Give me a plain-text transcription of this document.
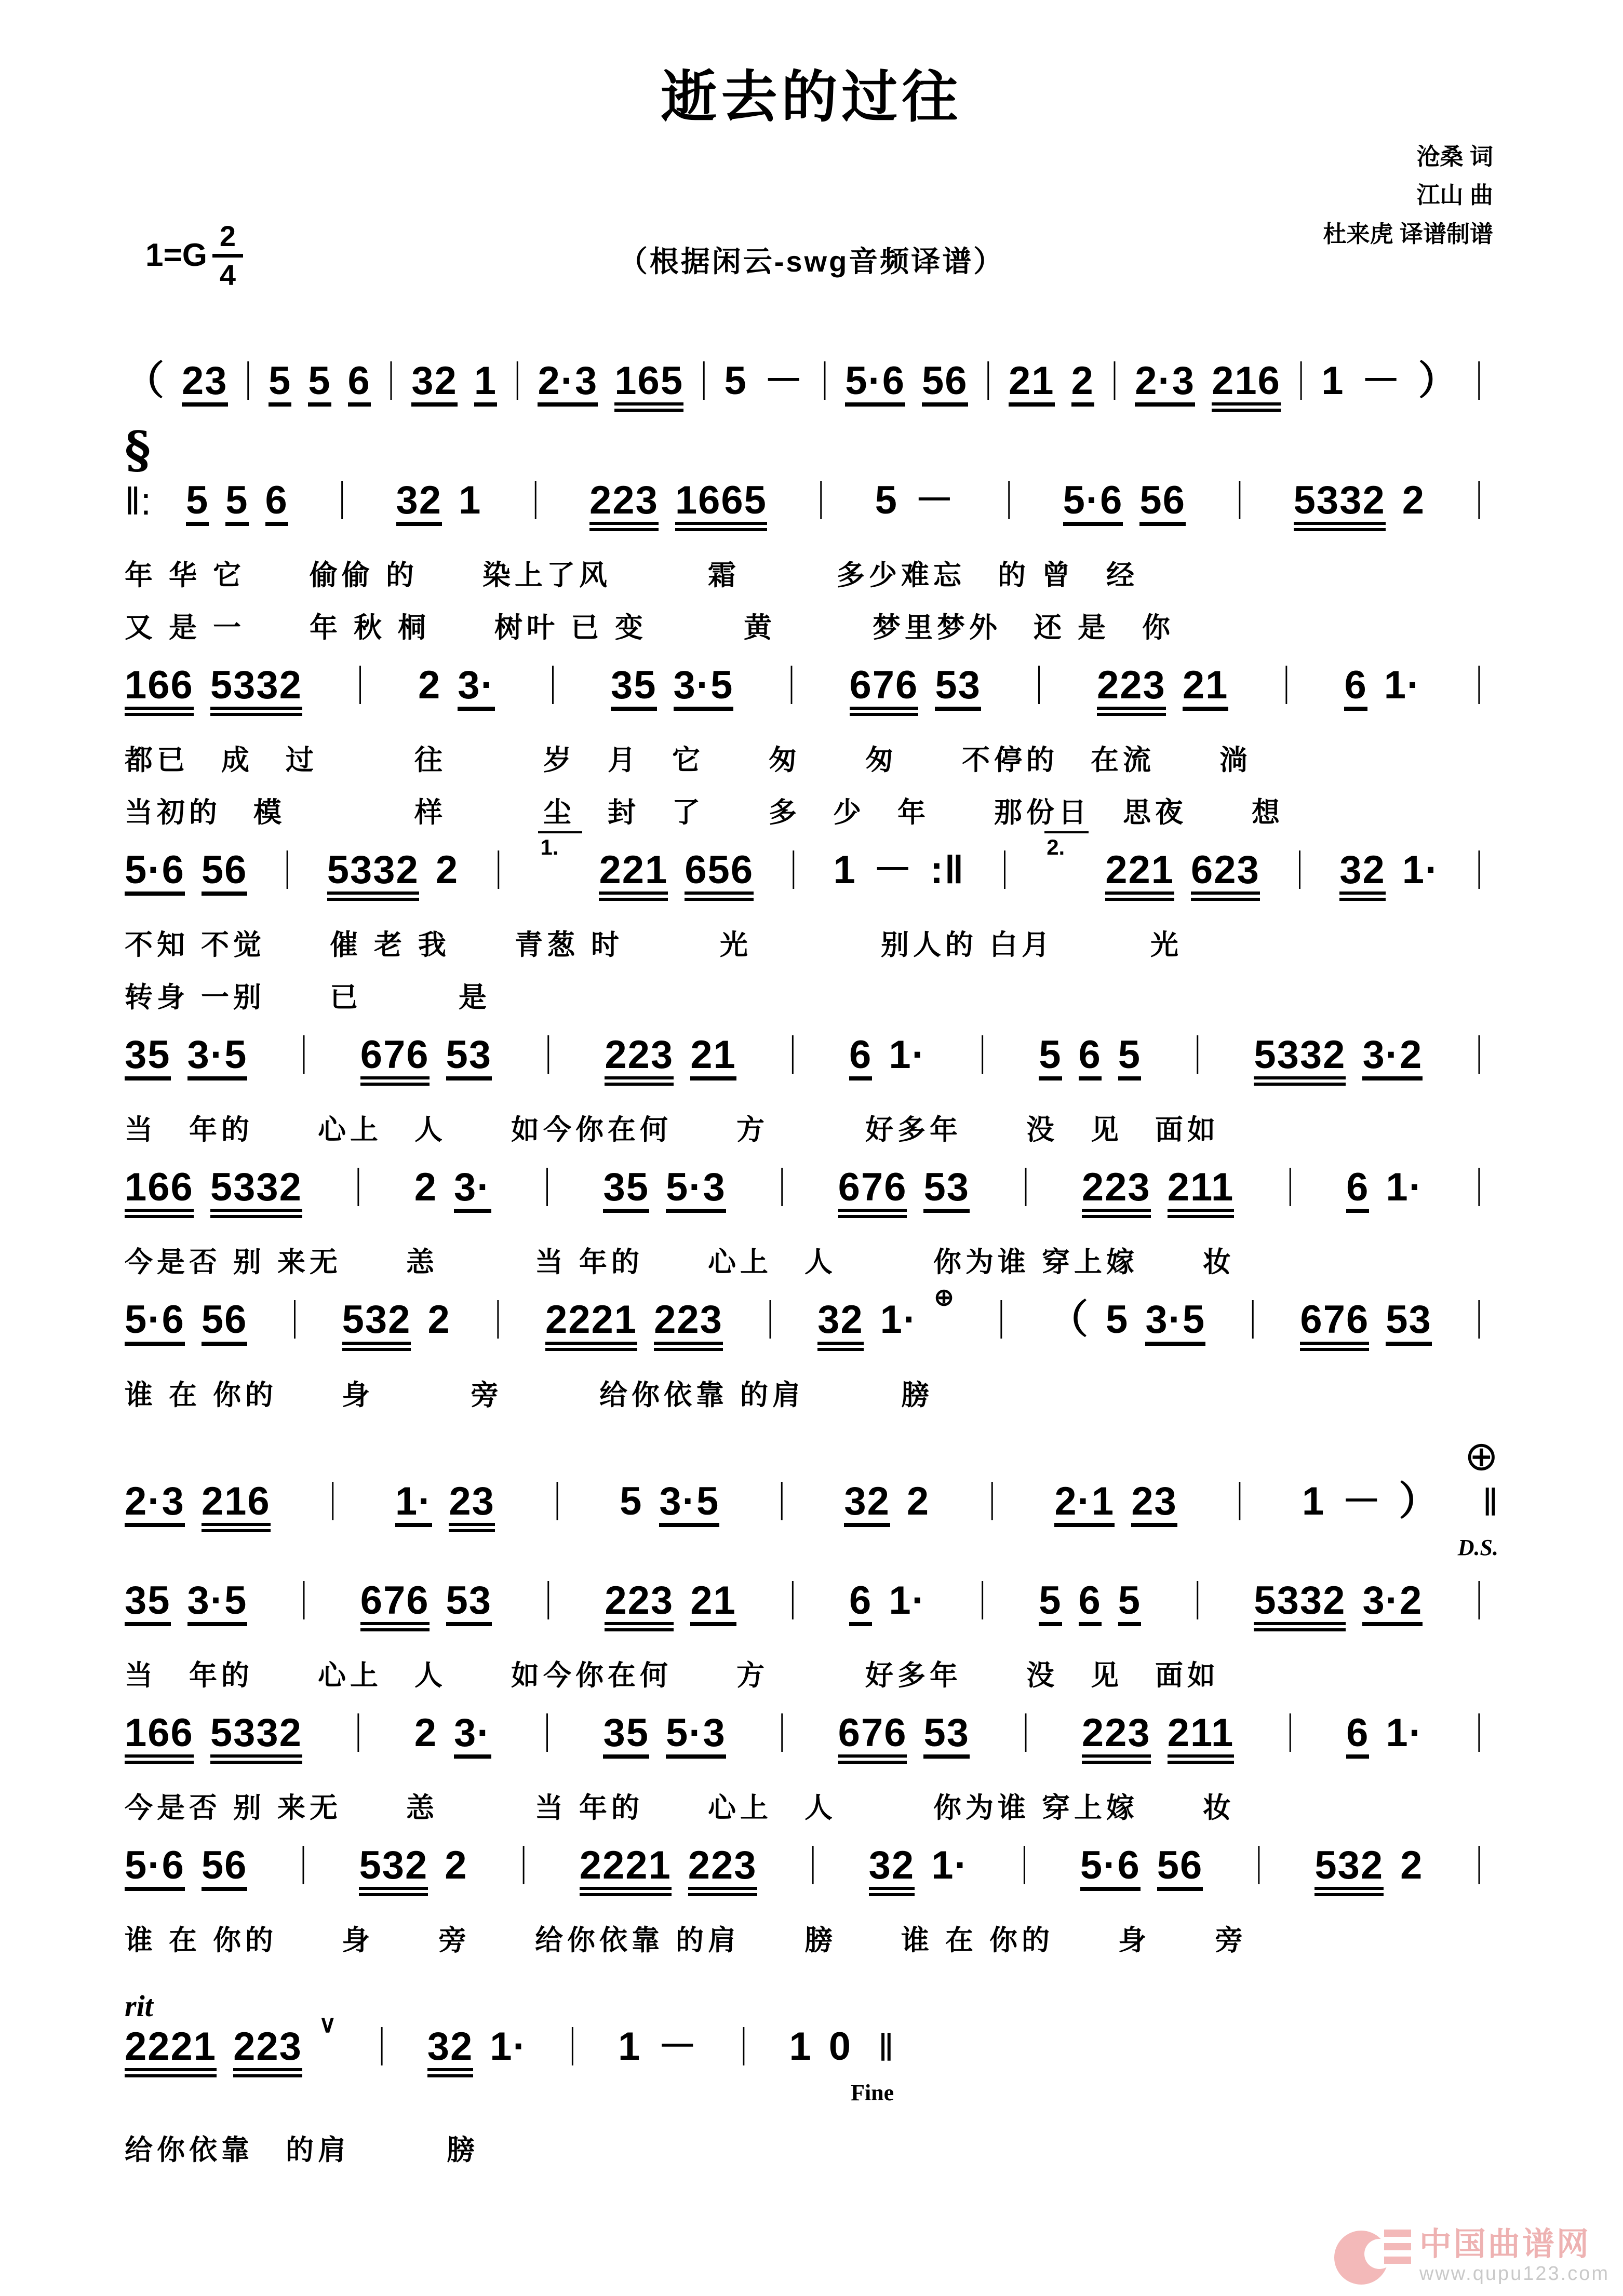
逝去的过往
$1=G \frac{2}{4}$	（根据闲云-swg音频译谱）
沧桑 词
江山 曲
杜来虎 译谱制谱
（ 23 ｜ 5 5 6 ｜ 32 1 ｜ 2·3 165 ｜ 5 － ｜ 5·6 56 ｜ 21 2 ｜ 2·3 216 ｜ 1 － ） ｜
§
‖: 5 5 6 ｜ 32 1 ｜ 223 1665 ｜ 5 － ｜ 5·6 56 ｜ 5332 2 ｜
年 华 它　　偷偷 的　　染上了风　　　霜　　　多少难忘　的 曾　经
又 是 一　　年 秋 桐　　树叶 已 变　　　黄　　　梦里梦外　还 是　你
166 5332 ｜ 2 3· ｜ 35 3·5 ｜ 676 53 ｜ 223 21 ｜ 6 1· ｜
都已　成　过　　　往　　　岁　月　它　　匆　　匆　　不停的　在流　　淌
当初的　模　　　　样　　　尘　封　了　　多　少　年　　那份日　思夜　　想
5·6 56 ｜ 5332 2 ｜
1.
221 656 ｜ 1 － :‖ ｜
2.
221 623 ｜ 32 1· ｜
不知 不觉　　催 老 我　　青葱 时　　　光　　　　别人的 白月　　　光
转身 一别　　已　　　是
35 3·5 ｜ 676 53 ｜ 223 21 ｜ 6 1· ｜ 5 6 5 ｜ 5332 3·2 ｜
当　年的　　心上　人　　如今你在何　　方　　　好多年　　没　见　面如
166 5332 ｜ 2 3· ｜ 35 5·3 ｜ 676 53 ｜ 223 211 ｜ 6 1· ｜
今是否 别 来无　　恙　　　当 年的　　心上　人　　　你为谁 穿上嫁　　妆
5·6 56 ｜ 532 2 ｜ 2221 223 ｜ 32 1·
⊕
｜ （ 5 3·5 ｜ 676 53 ｜
谁 在 你的　　身　　　旁　　　给你依靠 的肩　　　膀
⊕
2·3 216 ｜ 1· 23 ｜ 5 3·5 ｜ 32 2 ｜ 2·1 23 ｜ 1 － ） ‖
D.S.
35 3·5 ｜ 676 53 ｜ 223 21 ｜ 6 1· ｜ 5 6 5 ｜ 5332 3·2 ｜
当　年的　　心上　人　　如今你在何　　方　　　好多年　　没　见　面如
166 5332 ｜ 2 3· ｜ 35 5·3 ｜ 676 53 ｜ 223 211 ｜ 6 1· ｜
今是否 别 来无　　恙　　　当 年的　　心上　人　　　你为谁 穿上嫁　　妆
5·6 56 ｜ 532 2 ｜ 2221 223 ｜ 32 1· ｜ 5·6 56 ｜ 532 2 ｜
谁 在 你的　　身　　旁　　给你依靠 的肩　　膀　　谁 在 你的　　身　　旁
rit
2221 223
∨
｜ 32 1· ｜ 1 － ｜ 1 0 ‖
Fine
给你依靠　的肩　　　膀
中国曲谱网
www.qupu123.com
